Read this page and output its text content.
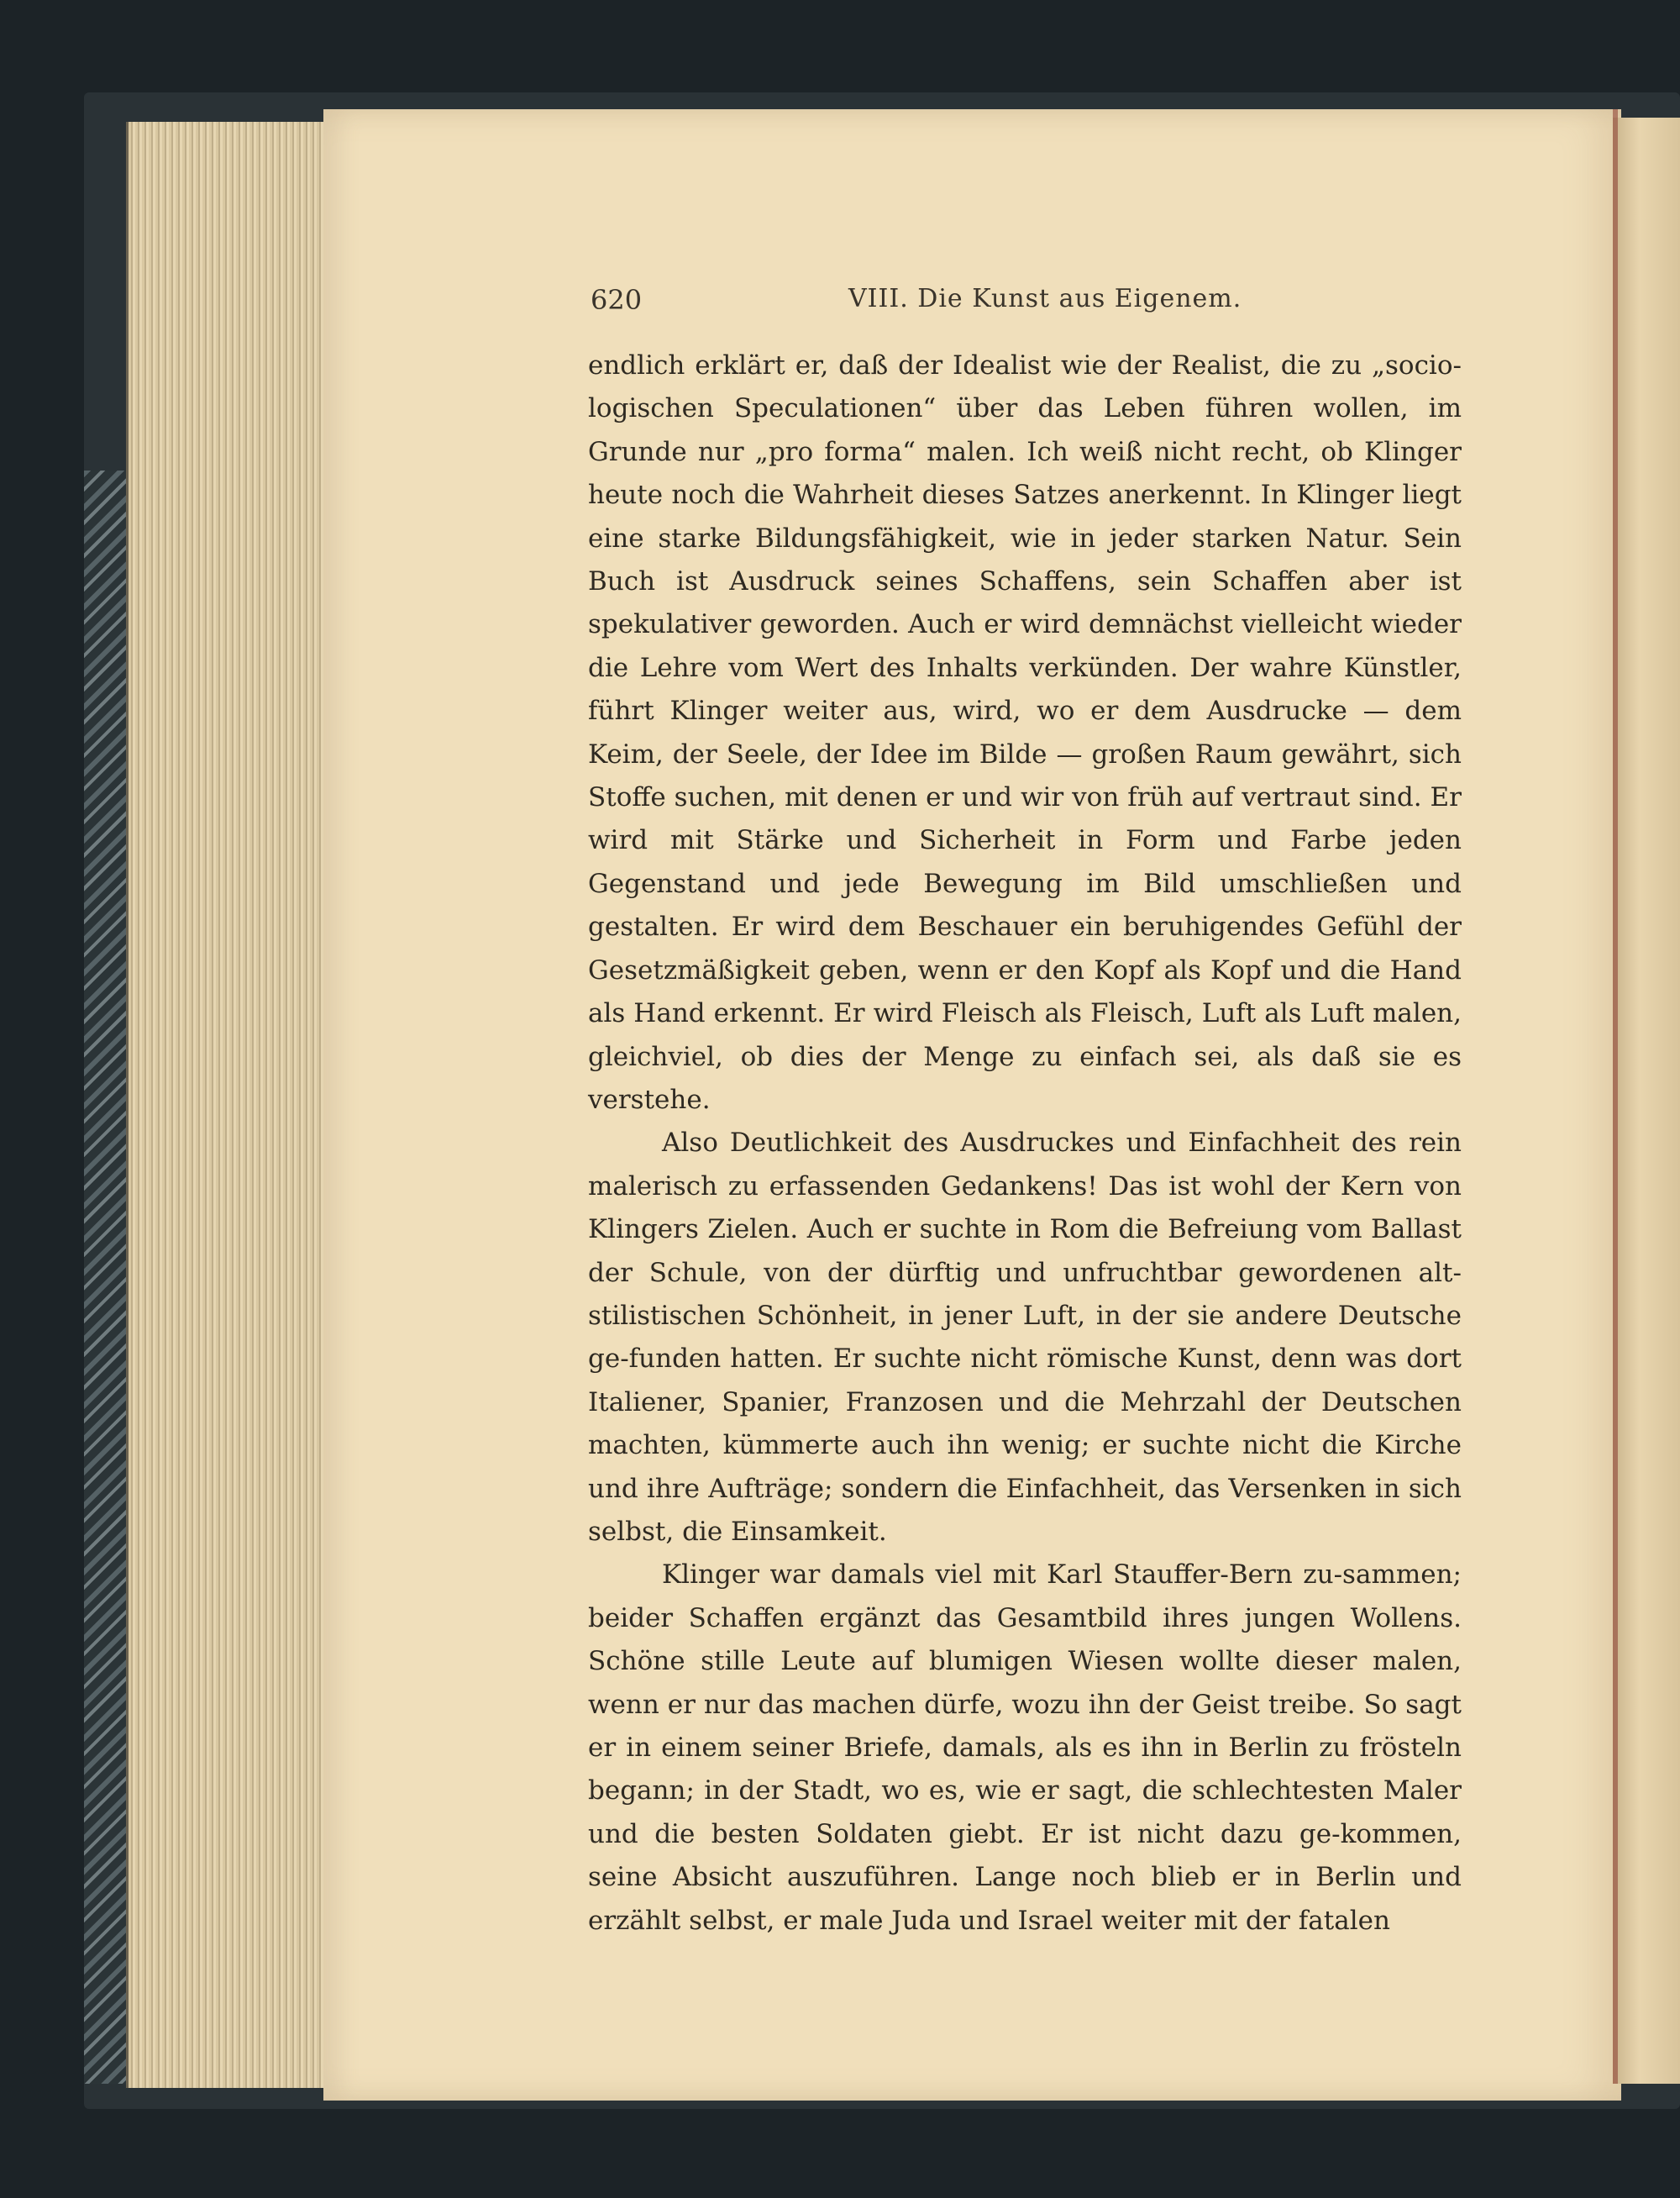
620	VIII. Die Kunst aus Eigenem.

endlich erklärt er, daß der Idealist wie der Realist, die zu „socio-logischen Speculationen“ über das Leben führen wollen, im Grunde nur „pro forma“ malen. Ich weiß nicht recht, ob Klinger heute noch die Wahrheit dieses Satzes anerkennt. In Klinger liegt eine starke Bildungsfähigkeit, wie in jeder starken Natur. Sein Buch ist Ausdruck seines Schaffens, sein Schaffen aber ist spekulativer geworden. Auch er wird demnächst vielleicht wieder die Lehre vom Wert des Inhalts verkünden. Der wahre Künstler, führt Klinger weiter aus, wird, wo er dem Ausdrucke — dem Keim, der Seele, der Idee im Bilde — großen Raum gewährt, sich Stoffe suchen, mit denen er und wir von früh auf vertraut sind. Er wird mit Stärke und Sicherheit in Form und Farbe jeden Gegenstand und jede Bewegung im Bild umschließen und gestalten. Er wird dem Beschauer ein beruhigendes Gefühl der Gesetzmäßigkeit geben, wenn er den Kopf als Kopf und die Hand als Hand erkennt. Er wird Fleisch als Fleisch, Luft als Luft malen, gleichviel, ob dies der Menge zu einfach sei, als daß sie es verstehe.

Also Deutlichkeit des Ausdruckes und Einfachheit des rein malerisch zu erfassenden Gedankens! Das ist wohl der Kern von Klingers Zielen. Auch er suchte in Rom die Befreiung vom Ballast der Schule, von der dürftig und unfruchtbar gewordenen alt-stilistischen Schönheit, in jener Luft, in der sie andere Deutsche ge-funden hatten. Er suchte nicht römische Kunst, denn was dort Italiener, Spanier, Franzosen und die Mehrzahl der Deutschen machten, kümmerte auch ihn wenig; er suchte nicht die Kirche und ihre Aufträge; sondern die Einfachheit, das Versenken in sich selbst, die Einsamkeit.

Klinger war damals viel mit Karl Stauffer-Bern zu-sammen; beider Schaffen ergänzt das Gesamtbild ihres jungen Wollens. Schöne stille Leute auf blumigen Wiesen wollte dieser malen, wenn er nur das machen dürfe, wozu ihn der Geist treibe. So sagt er in einem seiner Briefe, damals, als es ihn in Berlin zu frösteln begann; in der Stadt, wo es, wie er sagt, die schlechtesten Maler und die besten Soldaten giebt. Er ist nicht dazu ge-kommen, seine Absicht auszuführen. Lange noch blieb er in Berlin und erzählt selbst, er male Juda und Israel weiter mit der fatalen
